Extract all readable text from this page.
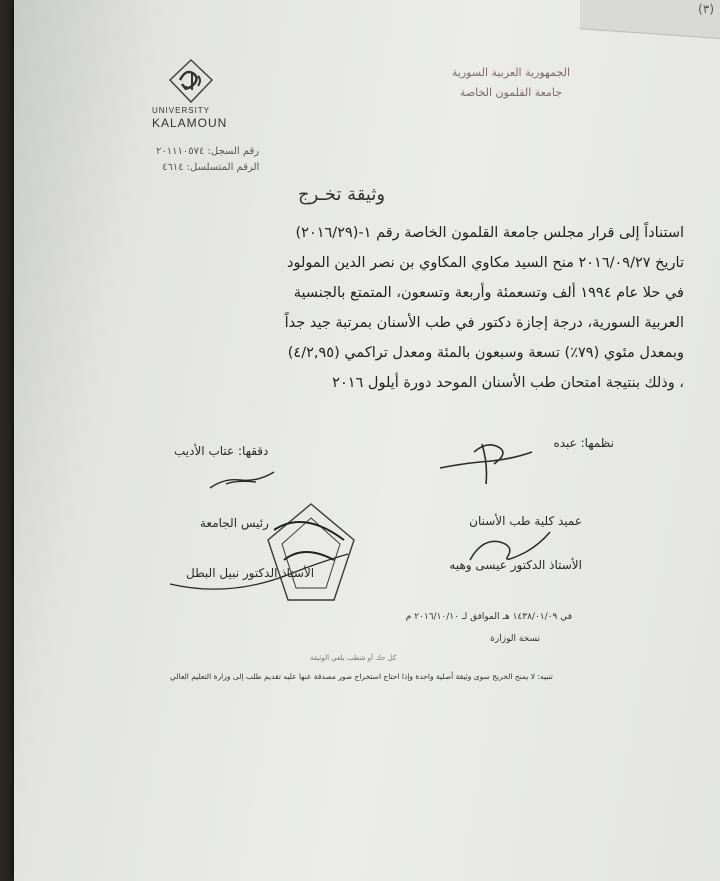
(٣)
الجمهورية العربية السورية
جامعة القلمون الخاصة
UNIVERSITY
KALAMOUN
رقم السجل: ٢٠١١١٠٥٧٤
الرقم المتسلسل: ٤٦١٤
وثيقة تخـرج
استناداً إلى قرار مجلس جامعة القلمون الخاصة رقم ١-(٢٠١٦/٢٩)
تاريخ ٢٠١٦/٠٩/٢٧ منح السيد مكاوي المكاوي بن نصر الدين المولود
في حلا عام ١٩٩٤ ألف وتسعمئة وأربعة وتسعون، المتمتع بالجنسية
العربية السورية، درجة إجازة دكتور في طب الأسنان بمرتبة جيد جداً
وبمعدل مئوي (٧٩٪) تسعة وسبعون بالمئة ومعدل تراكمي (٤/٢,٩٥)
، وذلك بنتيجة امتحان طب الأسنان الموحد دورة أيلول ٢٠١٦
نظمها: عبده
دققها: عتاب الأديب
عميد كلية طب الأسنان
الأستاذ الدكتور عيسى وهيه
رئيس الجامعة
الأستاذ الدكتور نبيل البطل
في ١٤٣٨/٠١/٠٩ هـ الموافق لـ ٢٠١٦/١٠/١٠ م
نسخة الوزارة
كل حك أو شطب يلغي الوثيقة
تنبيه: لا يمنح الخريج سوى وثيقة أصلية واحدة وإذا احتاج استخراج صور مصدقة عنها عليه تقديم طلب إلى وزارة التعليم العالي
